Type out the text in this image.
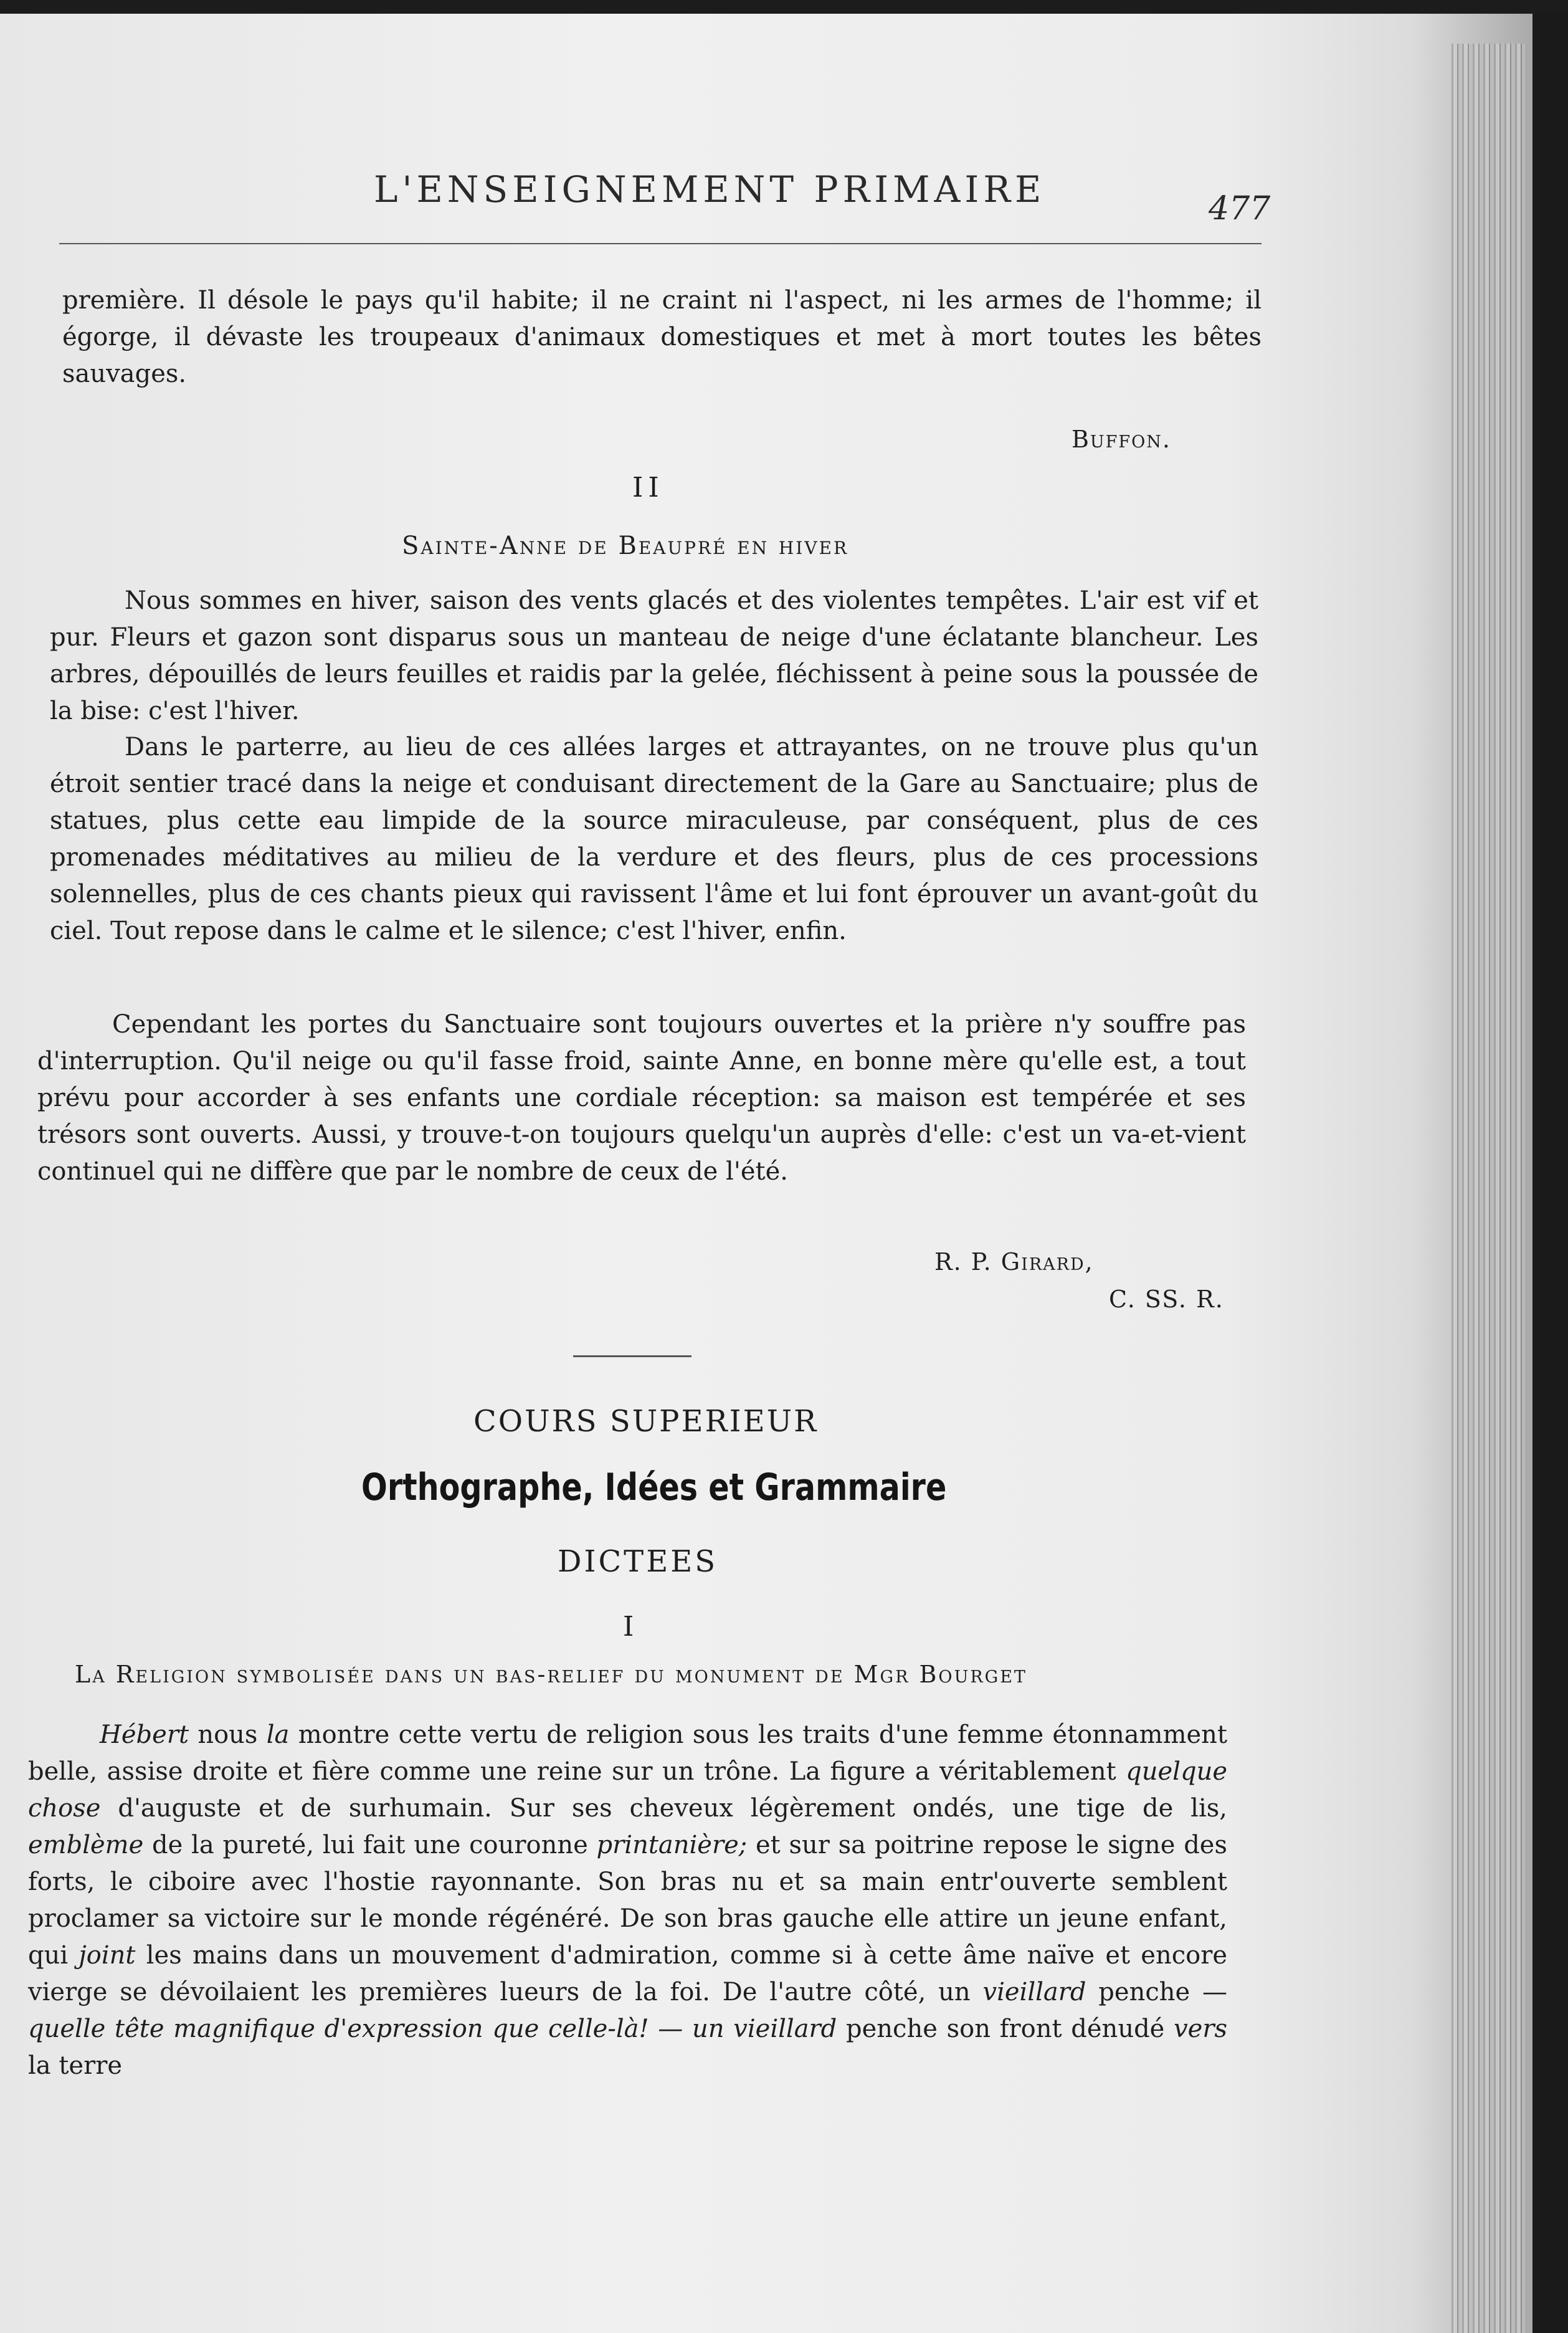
L'ENSEIGNEMENT PRIMAIRE	477

première. Il désole le pays qu'il habite; il ne craint ni l'aspect, ni les armes de l'homme; il égorge, il dévaste les troupeaux d'animaux domestiques et met à mort toutes les bêtes sauvages.

Buffon.
II
Sainte-Anne de Beaupré en hiver

Nous sommes en hiver, saison des vents glacés et des violentes tempêtes. L'air est vif et pur. Fleurs et gazon sont disparus sous un manteau de neige d'une éclatante blancheur. Les arbres, dépouillés de leurs feuilles et raidis par la gelée, fléchissent à peine sous la poussée de la bise: c'est l'hiver.

Dans le parterre, au lieu de ces allées larges et attrayantes, on ne trouve plus qu'un étroit sentier tracé dans la neige et conduisant directement de la Gare au Sanctuaire; plus de statues, plus cette eau limpide de la source miraculeuse, par conséquent, plus de ces promenades méditatives au milieu de la verdure et des fleurs, plus de ces processions solennelles, plus de ces chants pieux qui ravissent l'âme et lui font éprouver un avant-goût du ciel. Tout repose dans le calme et le silence; c'est l'hiver, enfin.

Cependant les portes du Sanctuaire sont toujours ouvertes et la prière n'y souffre pas d'interruption. Qu'il neige ou qu'il fasse froid, sainte Anne, en bonne mère qu'elle est, a tout prévu pour accorder à ses enfants une cordiale réception: sa maison est tempérée et ses trésors sont ouverts. Aussi, y trouve-t-on toujours quelqu'un auprès d'elle: c'est un va-et-vient continuel qui ne diffère que par le nombre de ceux de l'été.

R. P. Girard,
C. SS. R.
COURS SUPERIEUR
Orthographe, Idées et Grammaire
DICTEES
I
La Religion symbolisée dans un bas-relief du monument de Mgr Bourget

Hébert nous la montre cette vertu de religion sous les traits d'une femme étonnamment belle, assise droite et fière comme une reine sur un trône. La figure a véritablement quelque chose d'auguste et de surhumain. Sur ses cheveux légèrement ondés, une tige de lis, emblème de la pureté, lui fait une couronne printanière; et sur sa poitrine repose le signe des forts, le ciboire avec l'hostie rayonnante. Son bras nu et sa main entr'ouverte semblent proclamer sa victoire sur le monde régénéré. De son bras gauche elle attire un jeune enfant, qui joint les mains dans un mouvement d'admiration, comme si à cette âme naïve et encore vierge se dévoilaient les premières lueurs de la foi. De l'autre côté, un vieillard penche — quelle tête magnifique d'expression que celle-là! — un vieillard penche son front dénudé vers la terre
